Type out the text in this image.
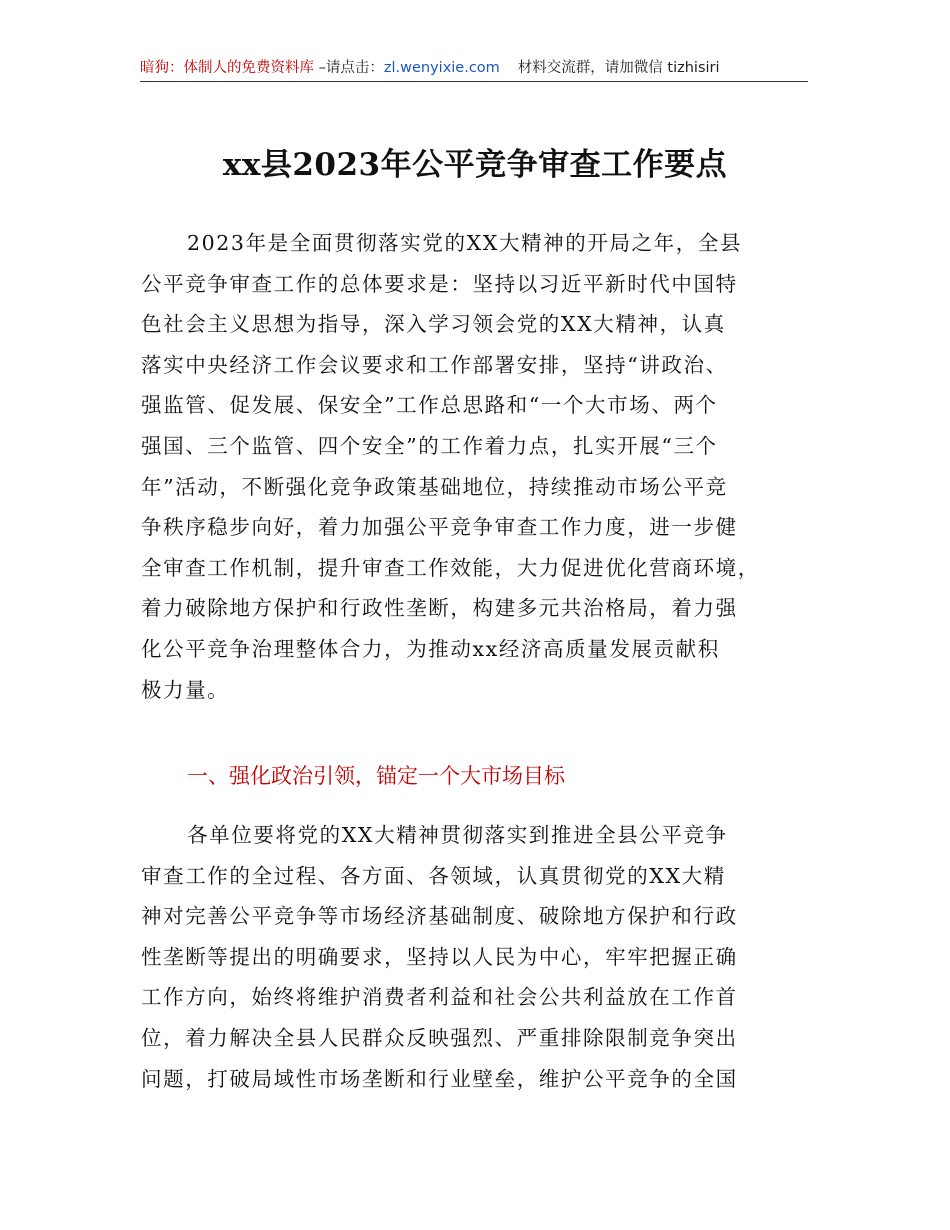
暗狗：体制人的免费资料库 –请点击：zl.wenyixie.com 材料交流群，请加微信 tizhisiri
xx县2023年公平竞争审查工作要点
2023年是全面贯彻落实党的XX大精神的开局之年，全县
公平竞争审查工作的总体要求是：坚持以习近平新时代中国特
色社会主义思想为指导，深入学习领会党的XX大精神，认真
落实中央经济工作会议要求和工作部署安排，坚持“讲政治、
强监管、促发展、保安全”工作总思路和“一个大市场、两个
强国、三个监管、四个安全”的工作着力点，扎实开展“三个
年”活动，不断强化竞争政策基础地位，持续推动市场公平竞
争秩序稳步向好，着力加强公平竞争审查工作力度，进一步健
全审查工作机制，提升审查工作效能，大力促进优化营商环境，
着力破除地方保护和行政性垄断，构建多元共治格局，着力强
化公平竞争治理整体合力，为推动xx经济高质量发展贡献积
极力量。
一、强化政治引领，锚定一个大市场目标
各单位要将党的XX大精神贯彻落实到推进全县公平竞争
审查工作的全过程、各方面、各领域，认真贯彻党的XX大精
神对完善公平竞争等市场经济基础制度、破除地方保护和行政
性垄断等提出的明确要求，坚持以人民为中心，牢牢把握正确
工作方向，始终将维护消费者利益和社会公共利益放在工作首
位，着力解决全县人民群众反映强烈、严重排除限制竞争突出
问题，打破局域性市场垄断和行业壁垒，维护公平竞争的全国
